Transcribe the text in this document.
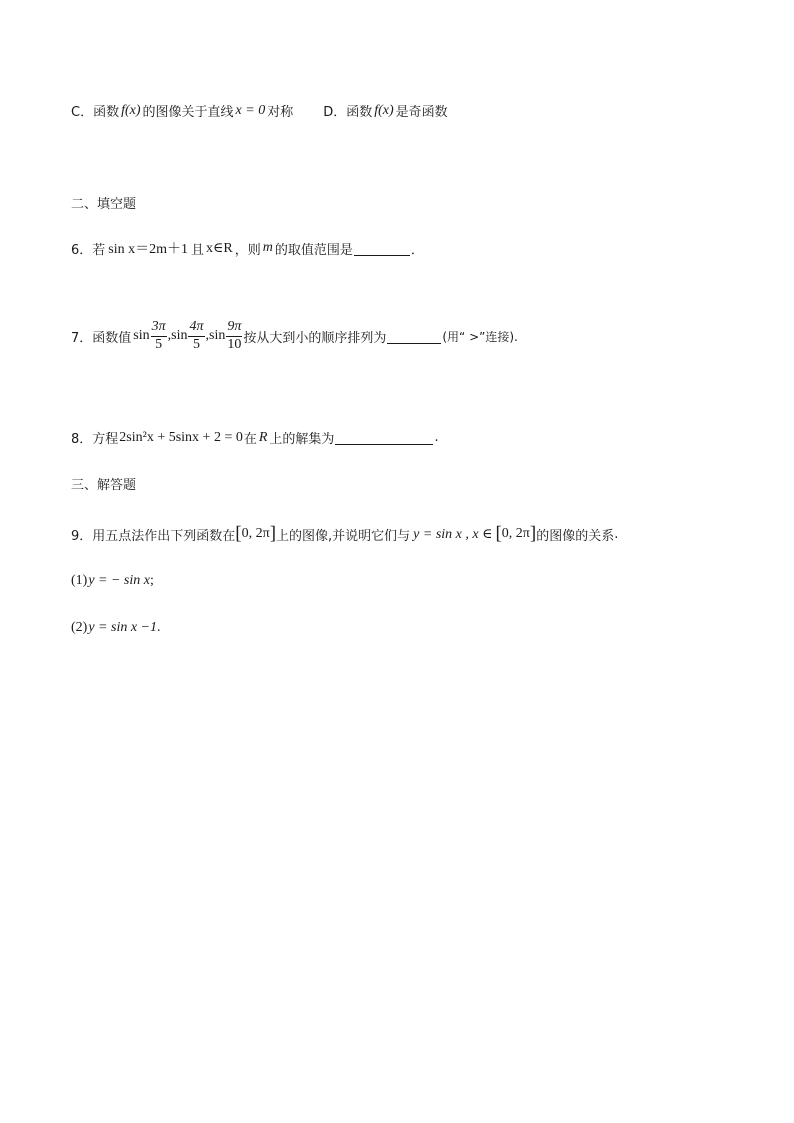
C．函数 f(x) 的图像关于直线 x = 0 对称 D．函数 f(x) 是奇函数
二、填空题
6．若 sin x＝2m＋1 且 x∈R ，则 m 的取值范围是	．
7．函数值 $\sin \frac{3\pi}{5}$ , $\sin \frac{4\pi}{5}$ , $\sin \frac{9\pi}{10}$ 按从大到小的顺序排列为	(用“ >”连接).
8．方程 2sin²x + 5sinx + 2 = 0 在 R 上的解集为	.
三、解答题
9．用五点法作出下列函数在 [ 0, 2π ] 上的图像,并说明它们与 y = sin x , x ∈ [ 0, 2π ] 的图像的关系 .
(1) y = − sin x ;
(2) y = sin x −1 .
